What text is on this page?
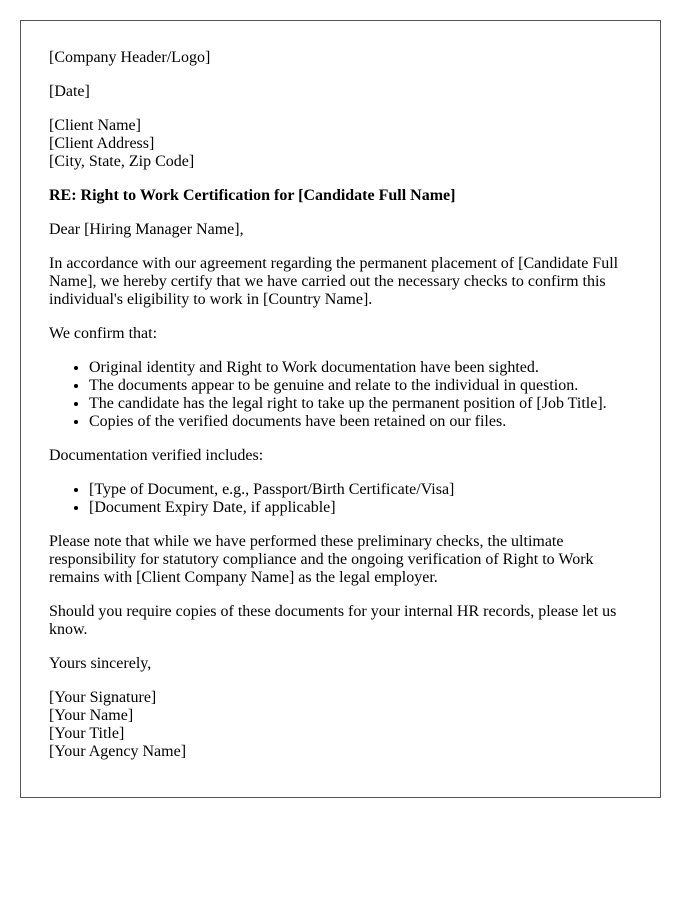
[Company Header/Logo]

[Date]

[Client Name]
[Client Address]
[City, State, Zip Code]

RE: Right to Work Certification for [Candidate Full Name]

Dear [Hiring Manager Name],

In accordance with our agreement regarding the permanent placement of [Candidate Full Name], we hereby certify that we have carried out the necessary checks to confirm this individual's eligibility to work in [Country Name].

We confirm that:

• Original identity and Right to Work documentation have been sighted.
• The documents appear to be genuine and relate to the individual in question.
• The candidate has the legal right to take up the permanent position of [Job Title].
• Copies of the verified documents have been retained on our files.

Documentation verified includes:

• [Type of Document, e.g., Passport/Birth Certificate/Visa]
• [Document Expiry Date, if applicable]

Please note that while we have performed these preliminary checks, the ultimate responsibility for statutory compliance and the ongoing verification of Right to Work remains with [Client Company Name] as the legal employer.

Should you require copies of these documents for your internal HR records, please let us know.

Yours sincerely,

[Your Signature]
[Your Name]
[Your Title]
[Your Agency Name]
